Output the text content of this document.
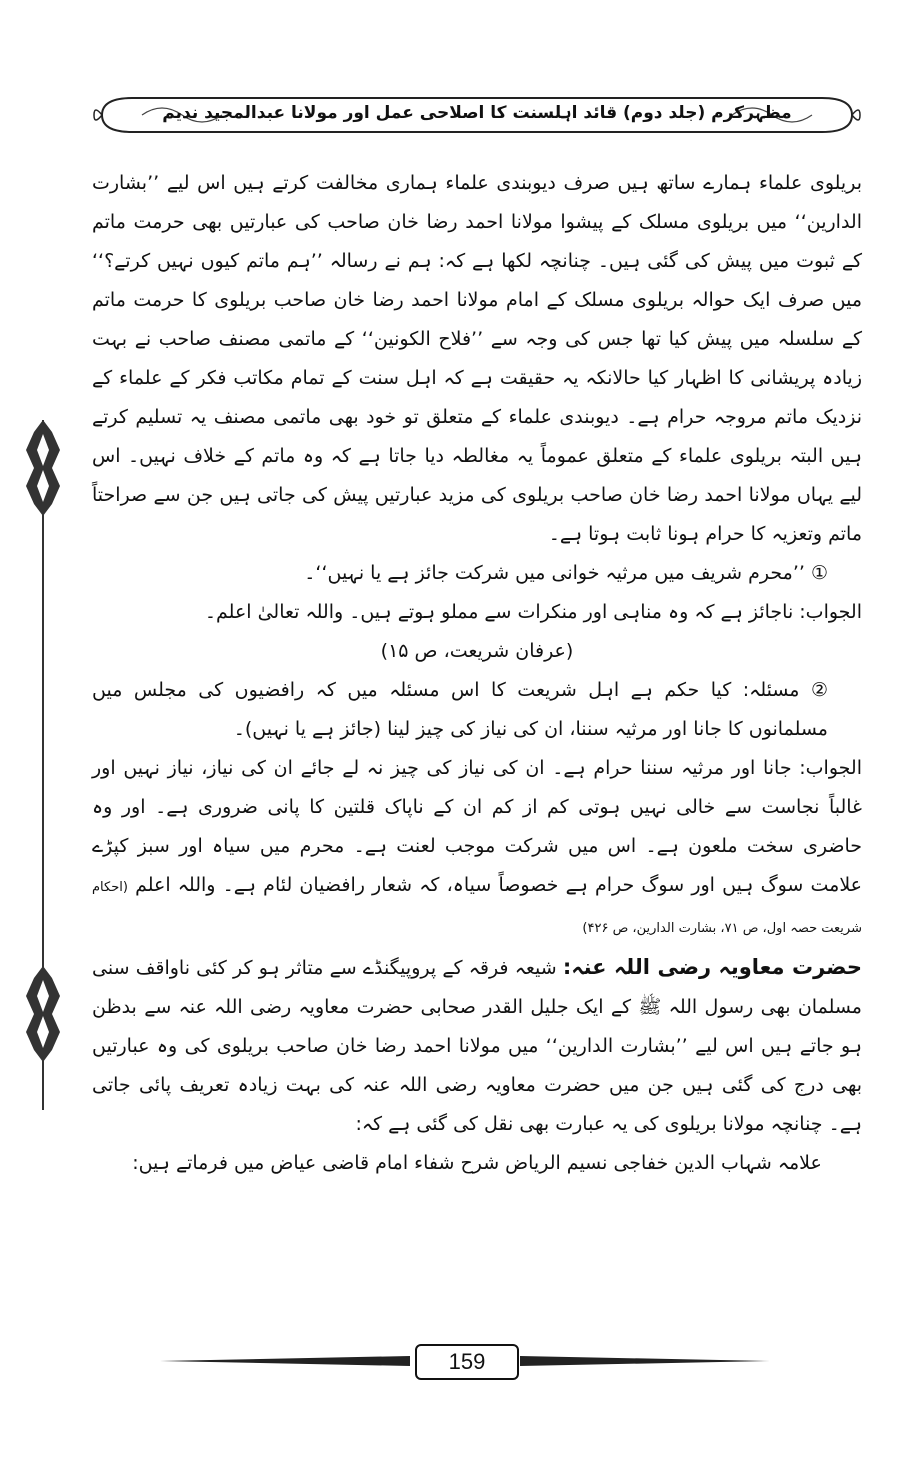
مظہرکرم (جلد دوم) قائد اہلسنت کا اصلاحی عمل اور مولانا عبدالمجید ندیم

بریلوی علماء ہمارے ساتھ ہیں صرف دیوبندی علماء ہماری مخالفت کرتے ہیں اس لیے ’’بشارت الدارین‘‘ میں بریلوی مسلک کے پیشوا مولانا احمد رضا خان صاحب کی عبارتیں بھی حرمت ماتم کے ثبوت میں پیش کی گئی ہیں۔ چنانچہ لکھا ہے کہ: ہم نے رسالہ ’’ہم ماتم کیوں نہیں کرتے؟‘‘ میں صرف ایک حوالہ بریلوی مسلک کے امام مولانا احمد رضا خان صاحب بریلوی کا حرمت ماتم کے سلسلہ میں پیش کیا تھا جس کی وجہ سے ’’فلاح الکونین‘‘ کے ماتمی مصنف صاحب نے بہت زیادہ پریشانی کا اظہار کیا حالانکہ یہ حقیقت ہے کہ اہل سنت کے تمام مکاتب فکر کے علماء کے نزدیک ماتم مروجہ حرام ہے۔ دیوبندی علماء کے متعلق تو خود بھی ماتمی مصنف یہ تسلیم کرتے ہیں البتہ بریلوی علماء کے متعلق عموماً یہ مغالطہ دیا جاتا ہے کہ وہ ماتم کے خلاف نہیں۔ اس لیے یہاں مولانا احمد رضا خان صاحب بریلوی کی مزید عبارتیں پیش کی جاتی ہیں جن سے صراحتاً ماتم وتعزیہ کا حرام ہونا ثابت ہوتا ہے۔

① ’’محرم شریف میں مرثیہ خوانی میں شرکت جائز ہے یا نہیں‘‘۔

الجواب: ناجائز ہے کہ وہ مناہی اور منکرات سے مملو ہوتے ہیں۔ واللہ تعالیٰ اعلم۔

(عرفان شریعت، ص ۱۵)

② مسئلہ: کیا حکم ہے اہل شریعت کا اس مسئلہ میں کہ رافضیوں کی مجلس میں مسلمانوں کا جانا اور مرثیہ سننا، ان کی نیاز کی چیز لینا (جائز ہے یا نہیں)۔

الجواب: جانا اور مرثیہ سننا حرام ہے۔ ان کی نیاز کی چیز نہ لے جائے ان کی نیاز، نیاز نہیں اور غالباً نجاست سے خالی نہیں ہوتی کم از کم ان کے ناپاک قلتین کا پانی ضروری ہے۔ اور وہ حاضری سخت ملعون ہے۔ اس میں شرکت موجب لعنت ہے۔ محرم میں سیاہ اور سبز کپڑے علامت سوگ ہیں اور سوگ حرام ہے خصوصاً سیاہ، کہ شعار رافضیان لئام ہے۔ واللہ اعلم (احکام شریعت حصہ اول، ص ۷۱، بشارت الدارین، ص ۴۲۶)

حضرت معاویہ رضی اللہ عنہ: شیعہ فرقہ کے پروپیگنڈے سے متاثر ہو کر کئی ناواقف سنی مسلمان بھی رسول اللہ ﷺ کے ایک جلیل القدر صحابی حضرت معاویہ رضی اللہ عنہ سے بدظن ہو جاتے ہیں اس لیے ’’بشارت الدارین‘‘ میں مولانا احمد رضا خان صاحب بریلوی کی وہ عبارتیں بھی درج کی گئی ہیں جن میں حضرت معاویہ رضی اللہ عنہ کی بہت زیادہ تعریف پائی جاتی ہے۔ چنانچہ مولانا بریلوی کی یہ عبارت بھی نقل کی گئی ہے کہ:

علامہ شہاب الدین خفاجی نسیم الریاض شرح شفاء امام قاضی عیاض میں فرماتے ہیں:

159
